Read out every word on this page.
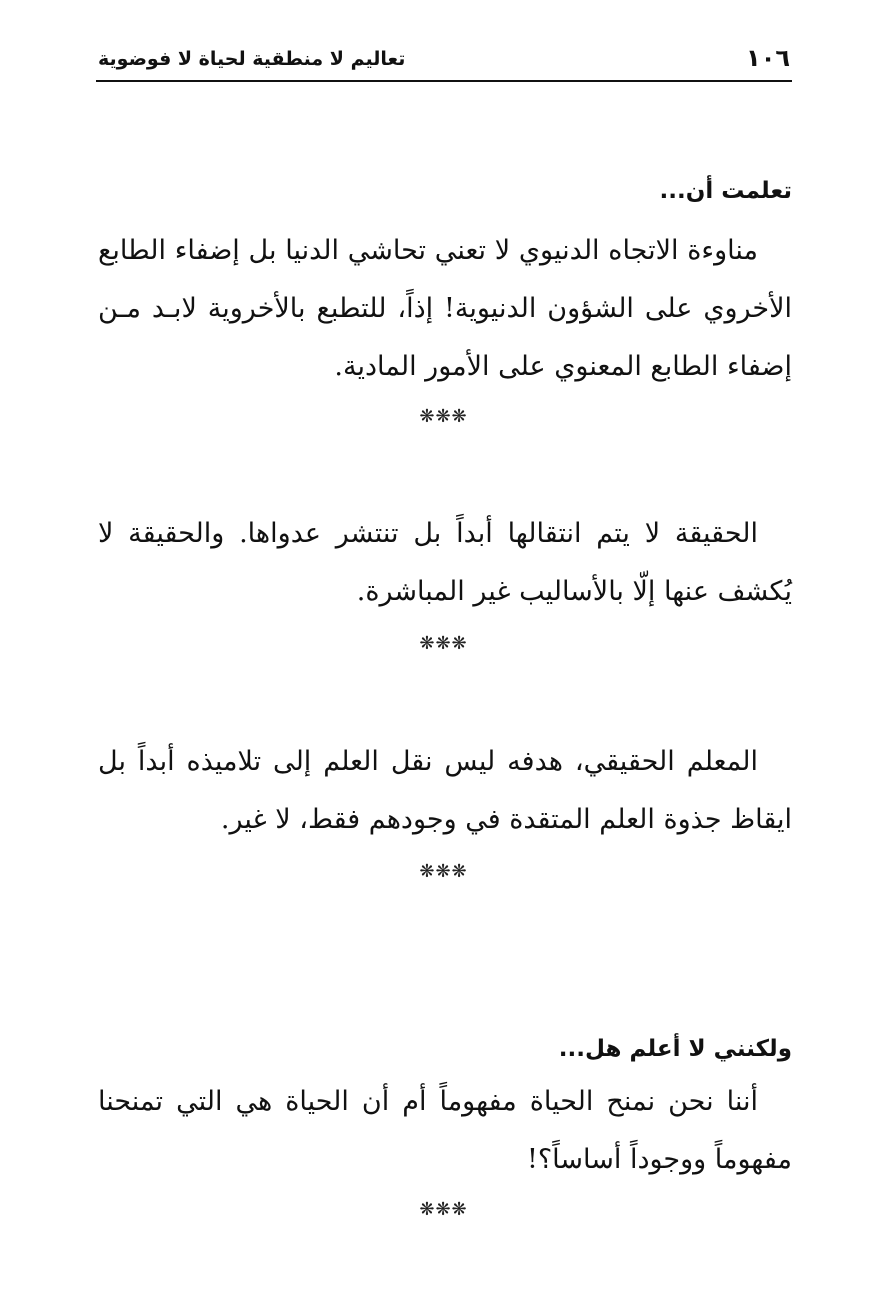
١٠٦
تعاليم لا منطقية لحياة لا فوضوية
تعلمت أن...

مناوءة الاتجاه الدنيوي لا تعني تحاشي الدنيا بل إضفاء الطابع الأخروي على الشؤون الدنيوية! إذاً، للتطبع بالأخروية لابـد مـن إضفاء الطابع المعنوي على الأمور المادية.

❋❋❋

الحقيقة لا يتم انتقالها أبداً بل تنتشر عدواها. والحقيقة لا يُكشف عنها إلّا بالأساليب غير المباشرة.

❋❋❋

المعلم الحقيقي، هدفه ليس نقل العلم إلى تلاميذه أبداً بل ايقاظ جذوة العلم المتقدة في وجودهم فقط، لا غير.

❋❋❋
ولكنني لا أعلم هل...

أننا نحن نمنح الحياة مفهوماً أم أن الحياة هي التي تمنحنا مفهوماً ووجوداً أساساً؟!

❋❋❋
